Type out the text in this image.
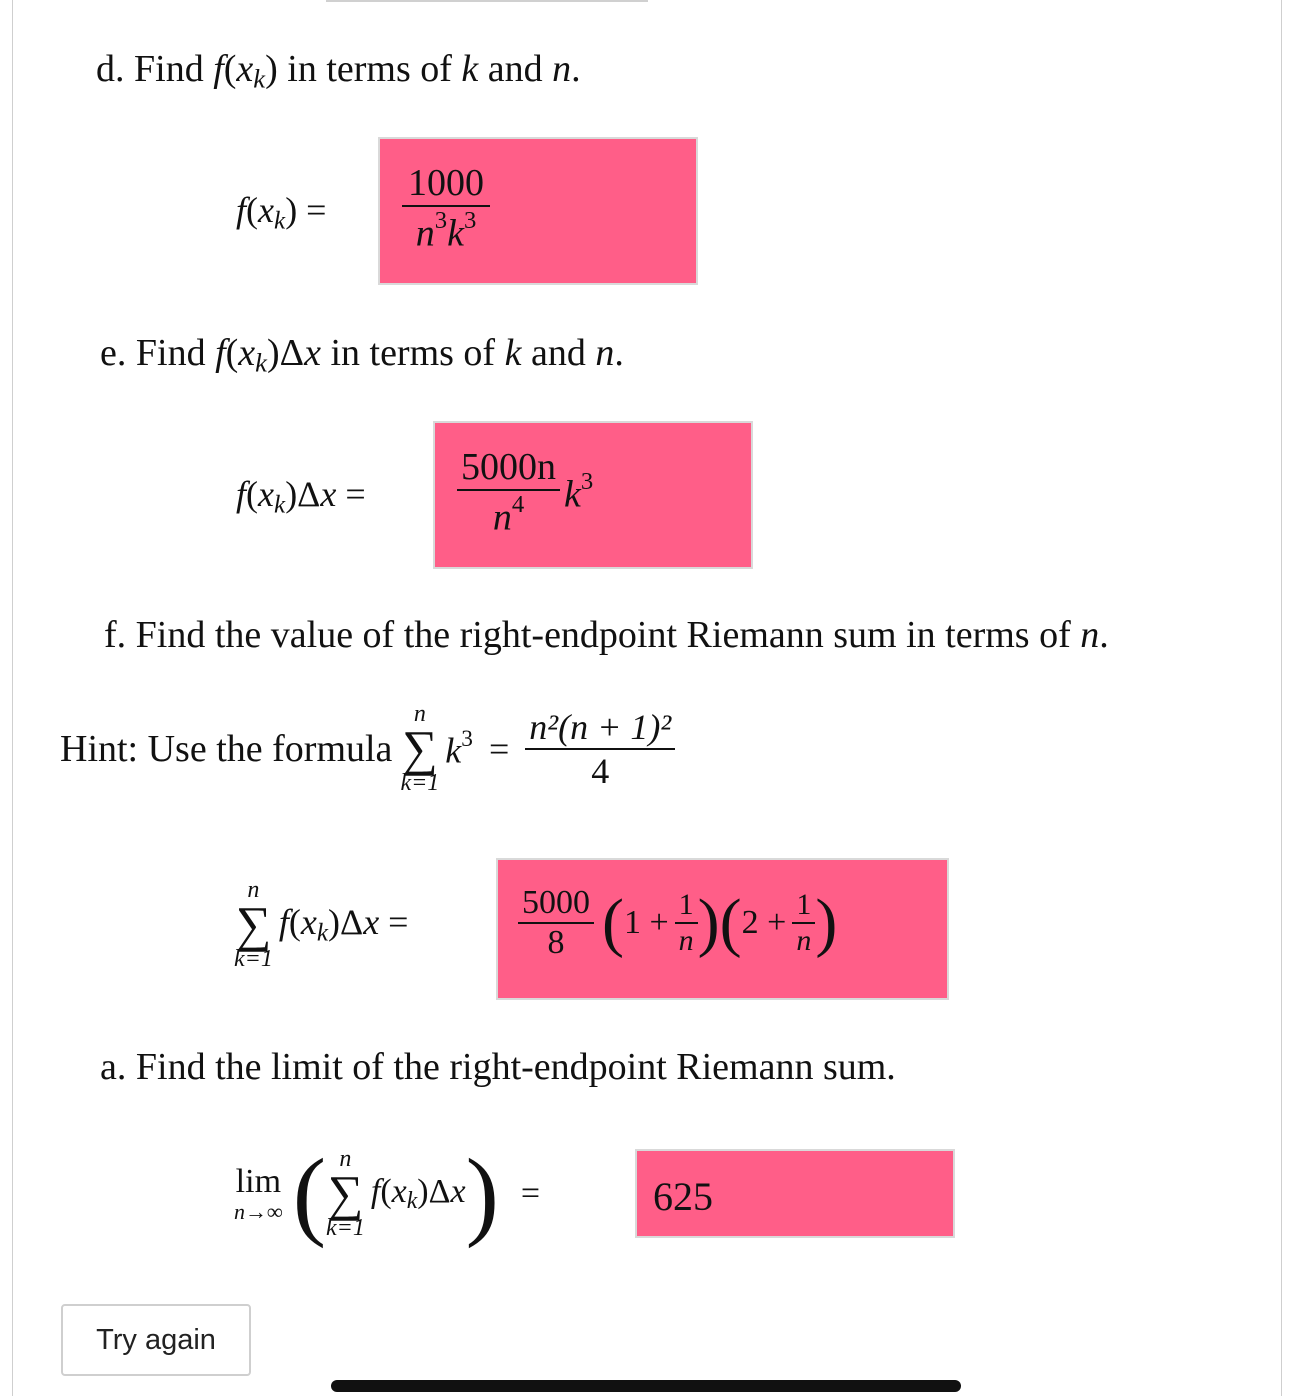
d. Find $f(x_k)$ in terms of k and n.
$f(x_k) = \frac{1000}{n^3k^3}$
e. Find $f(x_k)\Delta x$ in terms of k and n.
$f(x_k)\Delta x = \frac{5000n}{n^4} k^3$
f. Find the value of the right-endpoint Riemann sum in terms of n.
Hint: Use the formula
n
∑
k=1
$k^3 = \frac{\text{n²(n + 1)²}}{4}$
n
∑
k=1
$f(x_k)\Delta x$ =	$\frac{5000}{8}$ ( $1 + \frac{1}{n}$ ) ( $2 + \frac{1}{n}$ )
a. Find the limit of the right-endpoint Riemann sum.
lim
n→∞ ( n
∑
k=1
$f(x_k)\Delta x$ ) =	625
Try again
